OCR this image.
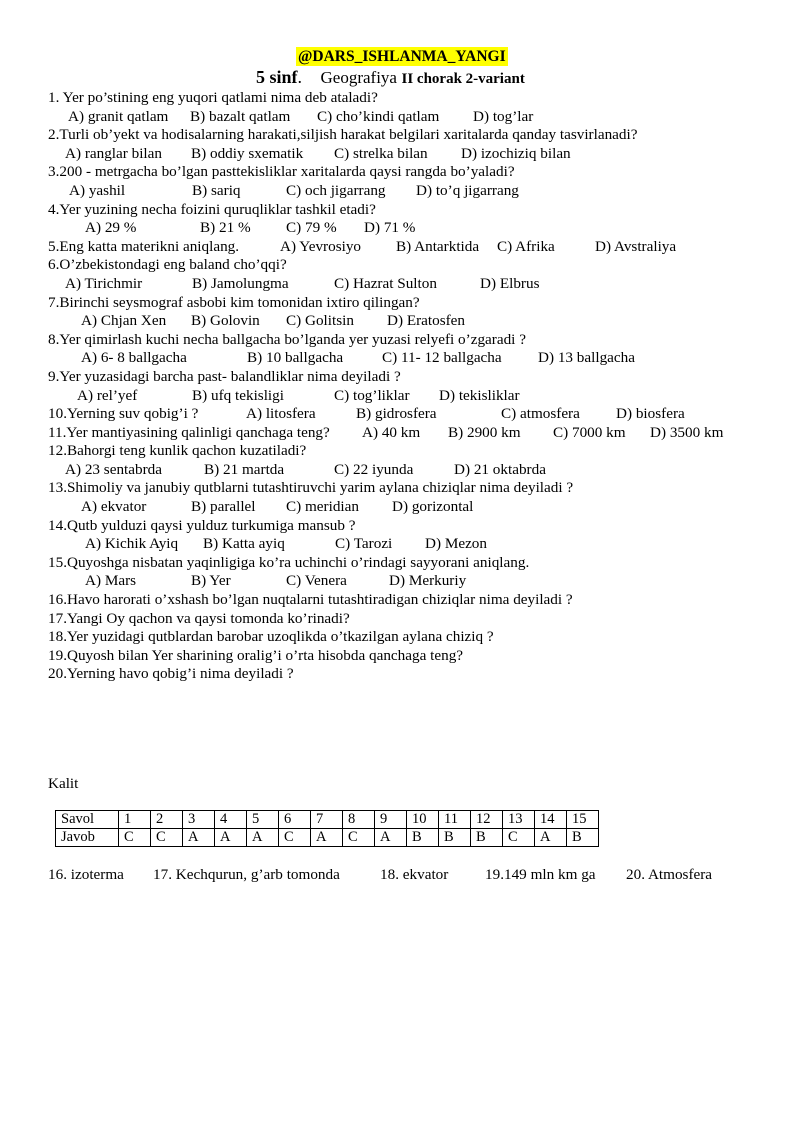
@DARS_ISHLANMA_YANGI
5 sinf. Geografiya II chorak 2-variant
1. Yer po’stining eng yuqori qatlami nima deb ataladi?
A) granit qatlam B) bazalt qatlam C) cho’kindi qatlam D) tog’lar
2.Turli ob’yekt va hodisalarning harakati,siljish harakat belgilari xaritalarda qanday tasvirlanadi?
A) ranglar bilan B) oddiy sxematik C) strelka bilan D) izochiziq bilan
3.200 - metrgacha bo’lgan pasttekisliklar xaritalarda qaysi rangda bo’yaladi?
A) yashil	B) sariq	C) och jigarrang D) to’q jigarrang
4.Yer yuzining necha foizini quruqliklar tashkil etadi?
A) 29 %	B) 21 % C) 79 % D) 71 %
5.Eng katta materikni aniqlang.	A) Yevrosiyo B) Antarktida C) Afrika	D) Avstraliya
6.O’zbekistondagi eng baland cho’qqi?
A) Tirichmir	B) Jamolungma	C) Hazrat Sulton	D) Elbrus
7.Birinchi seysmograf asbobi kim tomonidan ixtiro qilingan?
A) Chjan Xen B) Golovin C) Golitsin D) Eratosfen
8.Yer qimirlash kuchi necha ballgacha bo’lganda yer yuzasi relyefi o’zgaradi ?
A) 6- 8 ballgacha	B) 10 ballgacha	C) 11- 12 ballgacha D) 13 ballgacha
9.Yer yuzasidagi barcha past- balandliklar nima deyiladi ?
A) rel’yef	B) ufq tekisligi	C) tog’liklar D) tekisliklar
10.Yerning suv qobig’i ?	A) litosfera	B) gidrosfera	C) atmosfera D) biosfera
11.Yer mantiyasining qalinligi qanchaga teng? A) 40 km B) 2900 km C) 7000 km D) 3500 km
12.Bahorgi teng kunlik qachon kuzatiladi?
A) 23 sentabrda	B) 21 martda	C) 22 iyunda	D) 21 oktabrda
13.Shimoliy va janubiy qutblarni tutashtiruvchi yarim aylana chiziqlar nima deyiladi ?
A) ekvator	B) parallel C) meridian D) gorizontal
14.Qutb yulduzi qaysi yulduz turkumiga mansub ?
A) Kichik Ayiq B) Katta ayiq	C) Tarozi D) Mezon
15.Quyoshga nisbatan yaqinligiga ko’ra uchinchi o’rindagi sayyorani aniqlang.
A) Mars	B) Yer	C) Venera	D) Merkuriy
16.Havo harorati o’xshash bo’lgan nuqtalarni tutashtiradigan chiziqlar nima deyiladi ?
17.Yangi Oy qachon va qaysi tomonda ko’rinadi?
18.Yer yuzidagi qutblardan barobar uzoqlikda o’tkazilgan aylana chiziq ?
19.Quyosh bilan Yer sharining oralig’i o’rta hisobda qanchaga teng?
20.Yerning havo qobig’i nima deyiladi ?
Kalit
Savol	1	2	3	4	5	6	7	8	9	10	11	12	13	14	15
Javob	C	C	A	A	A	C	A	C	A	B	B	B	C	A	B
16. izoterma 17. Kechqurun, g’arb tomonda	18. ekvator 19.149 mln km ga 20. Atmosfera
